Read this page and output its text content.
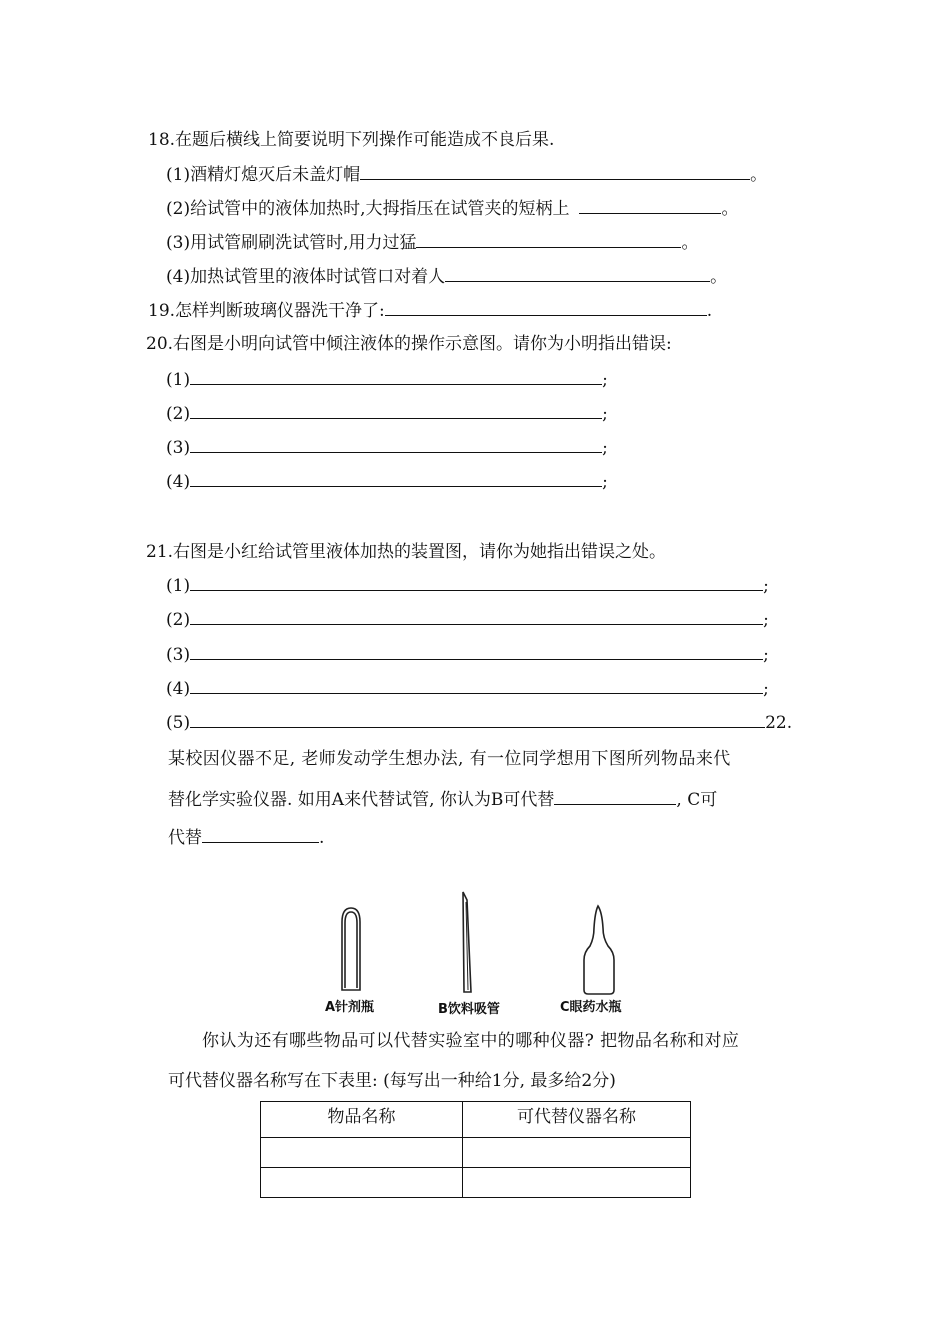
18.在题后横线上简要说明下列操作可能造成不良后果.
(1)酒精灯熄灭后未盖灯帽	。
(2)给试管中的液体加热时,大拇指压在试管夹的短柄上	。
(3)用试管刷刷洗试管时,用力过猛	。
(4)加热试管里的液体时试管口对着人	。
19.怎样判断玻璃仪器洗干净了:	.
20.右图是小明向试管中倾注液体的操作示意图。请你为小明指出错误:
(1)	;
(2)	;
(3)	;
(4)	;
21.右图是小红给试管里液体加热的装置图，请你为她指出错误之处。
(1)	;
(2)	;
(3)	;
(4)	;
(5)	22.
某校因仪器不足, 老师发动学生想办法, 有一位同学想用下图所列物品来代
替化学实验仪器. 如用A来代替试管, 你认为B可代替	, C可
代替	.
A针剂瓶	B饮料吸管	C眼药水瓶
你认为还有哪些物品可以代替实验室中的哪种仪器? 把物品名称和对应
可代替仪器名称写在下表里: (每写出一种给1分, 最多给2分)
物品名称	可代替仪器名称
